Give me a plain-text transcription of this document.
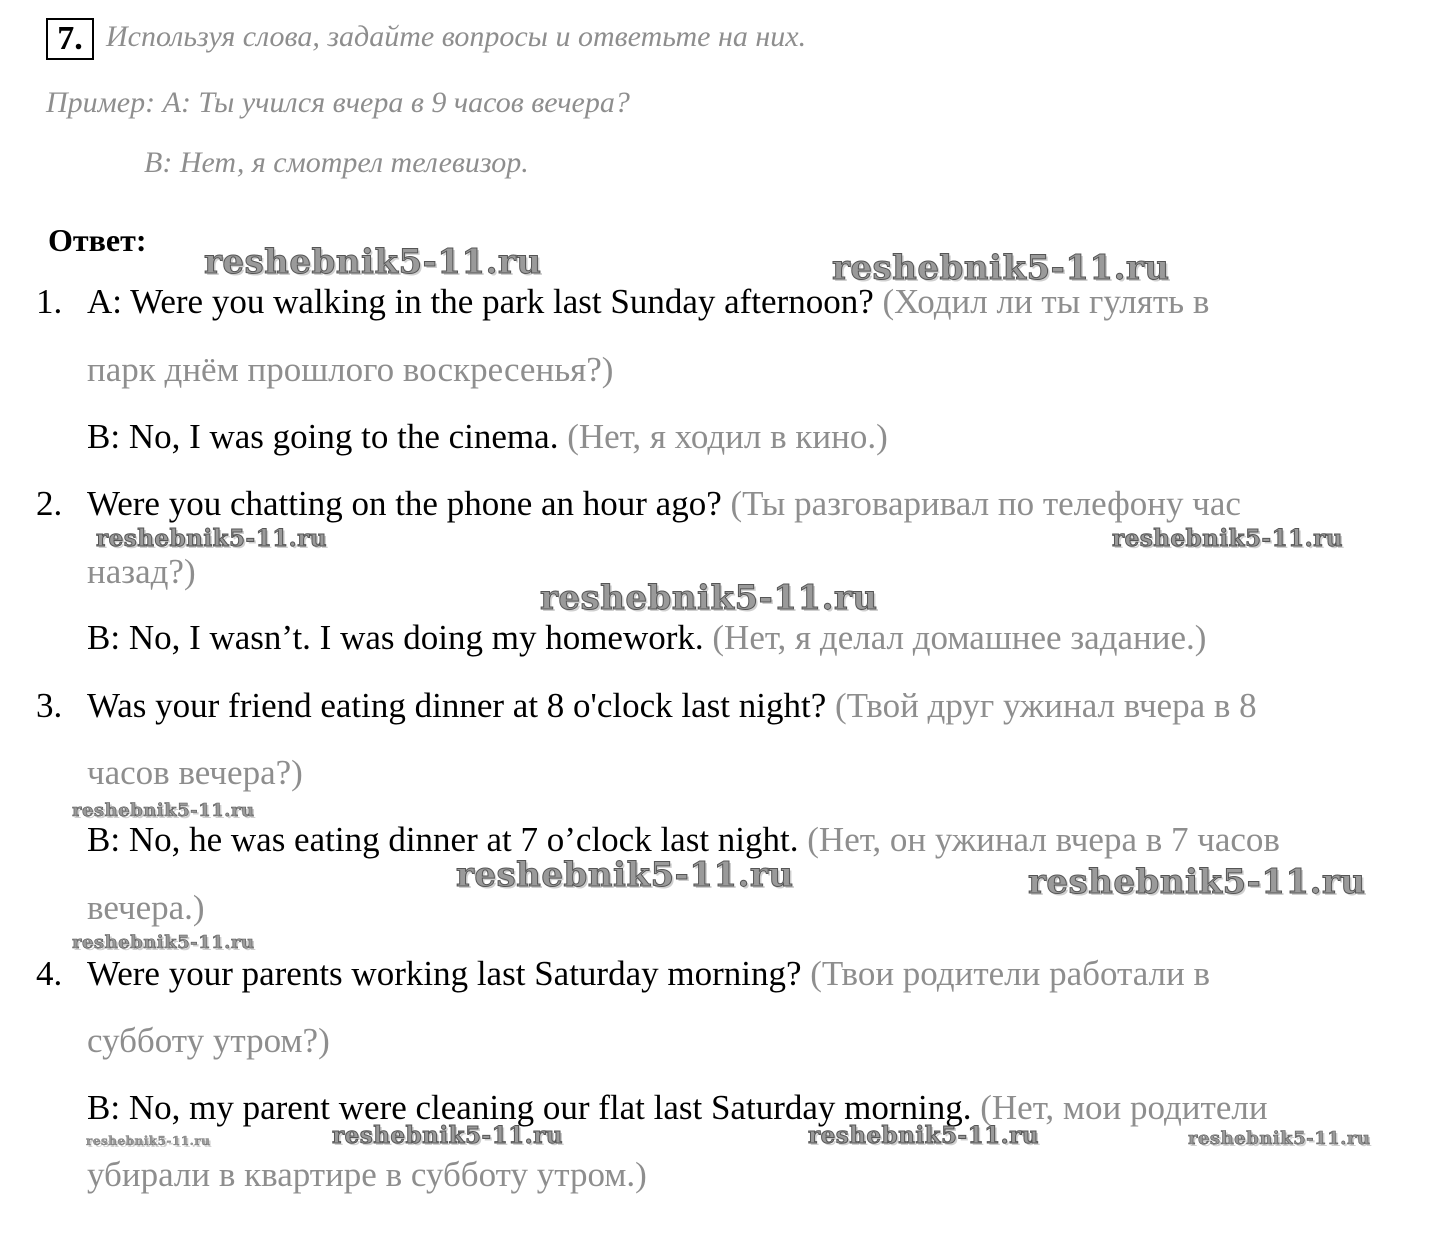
7. Используя слова, задайте вопросы и ответьте на них.
Пример: A: Ты учился вчера в 9 часов вечера?
B: Нет, я смотрел телевизор.
Ответ:
1. A: Were you walking in the park last Sunday afternoon? (Ходил ли ты гулять в
парк днём прошлого воскресенья?)
B: No, I was going to the cinema. (Нет, я ходил в кино.)
2. Were you chatting on the phone an hour ago? (Ты разговаривал по телефону час
назад?)
B: No, I wasn’t. I was doing my homework. (Нет, я делал домашнее задание.)
3. Was your friend eating dinner at 8 o'clock last night? (Твой друг ужинал вчера в 8
часов вечера?)
B: No, he was eating dinner at 7 o’clock last night. (Нет, он ужинал вчера в 7 часов
вечера.)
4. Were your parents working last Saturday morning? (Твои родители работали в
субботу утром?)
B: No, my parent were cleaning our flat last Saturday morning. (Нет, мои родители
убирали в квартире в субботу утром.)
reshebnik5-11.ru	reshebnik5-11.ru
reshebnik5-11.ru	reshebnik5-11.ru
reshebnik5-11.ru
reshebnik5-11.ru
reshebnik5-11.ru	reshebnik5-11.ru
reshebnik5-11.ru
reshebnik5-11.ru	reshebnik5-11.ru	reshebnik5-11.ru	reshebnik5-11.ru
